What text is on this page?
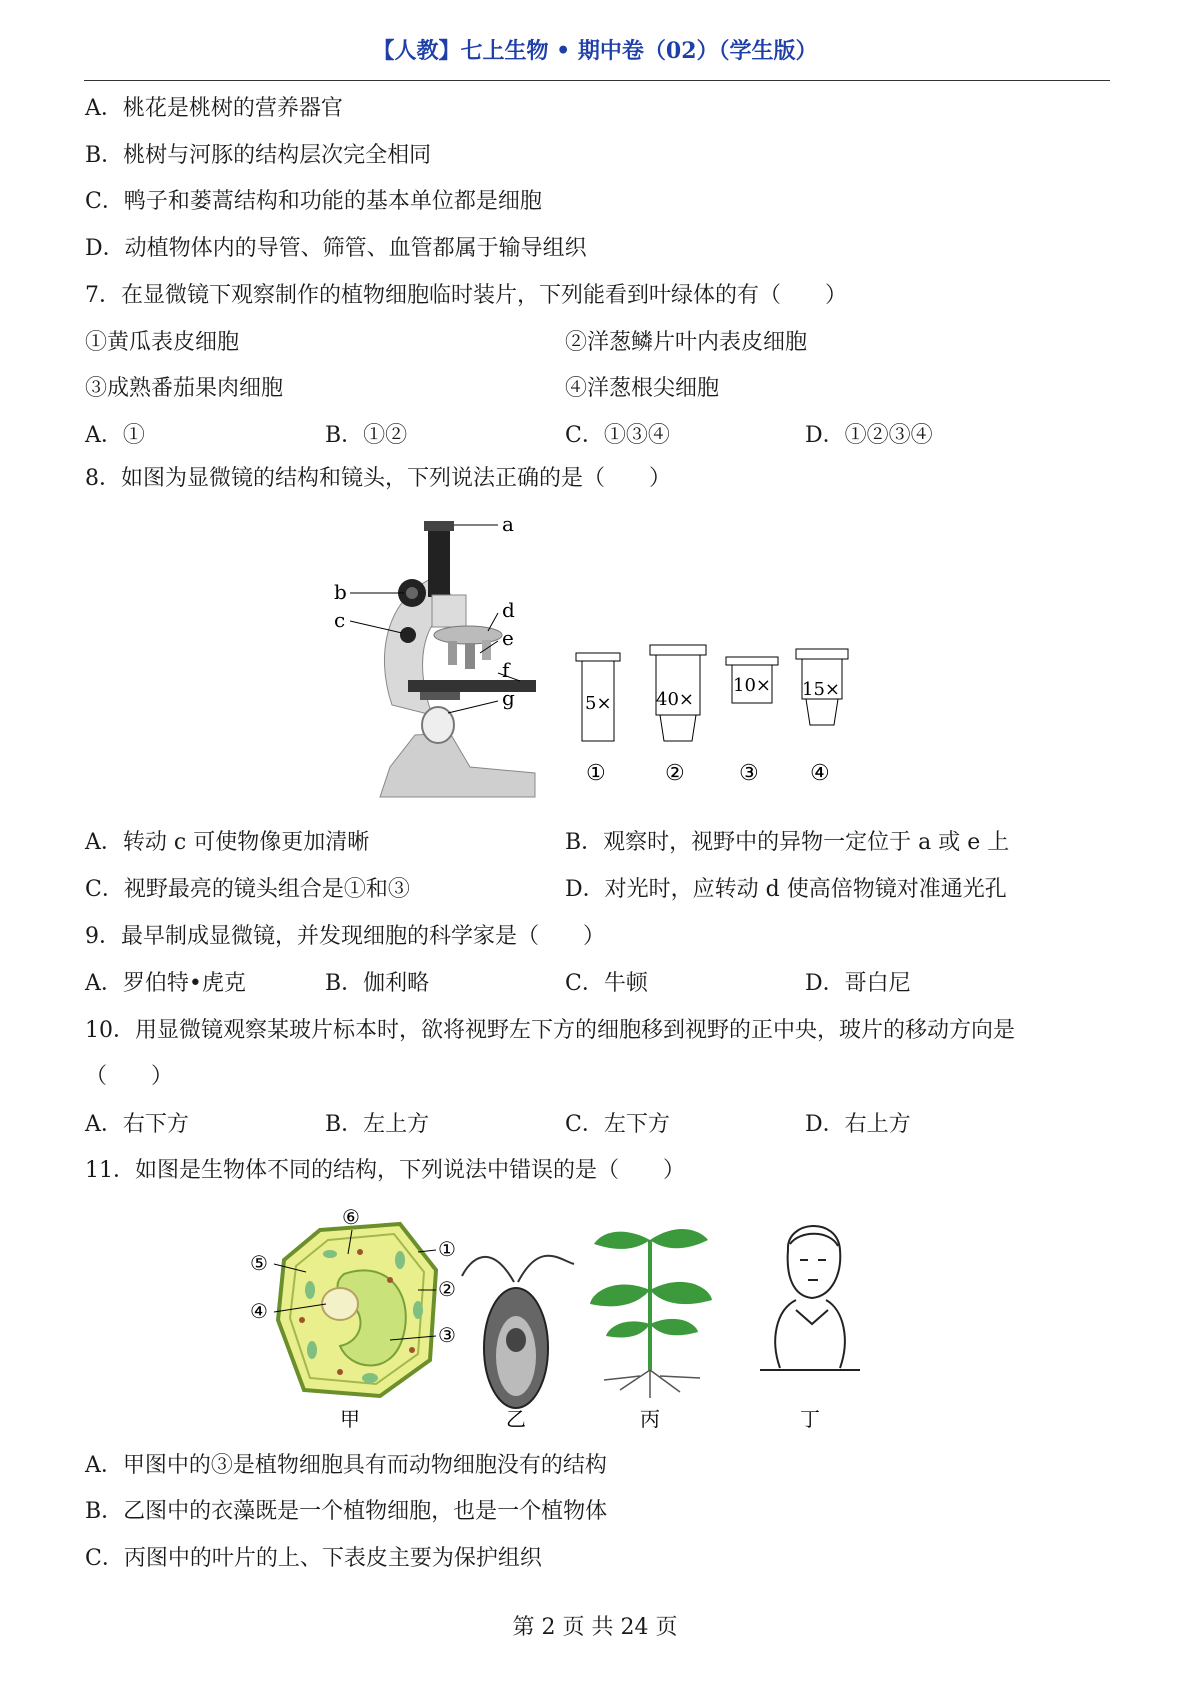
【人教】七上生物 • 期中卷（02）（学生版）
A．桃花是桃树的营养器官
B．桃树与河豚的结构层次完全相同
C．鸭子和蒌蒿结构和功能的基本单位都是细胞
D．动植物体内的导管、筛管、血管都属于输导组织
7．在显微镜下观察制作的植物细胞临时装片，下列能看到叶绿体的有（　　）
①黄瓜表皮细胞	②洋葱鳞片叶内表皮细胞
③成熟番茄果肉细胞	④洋葱根尖细胞
A．①	B．①②	C．①③④	D．①②③④
8．如图为显微镜的结构和镜头，下列说法正确的是（　　）
a
b
c	d
e
f
g	5×
①
40×
②
10×
③
15×
④
A．转动 c 可使物像更加清晰	B．观察时，视野中的异物一定位于 a 或 e 上
C．视野最亮的镜头组合是①和③	D．对光时，应转动 d 使高倍物镜对准通光孔
9．最早制成显微镜，并发现细胞的科学家是（　　）
A．罗伯特•虎克	B．伽利略	C．牛顿	D．哥白尼
10．用显微镜观察某玻片标本时，欲将视野左下方的细胞移到视野的正中央，玻片的移动方向是
（　　）
A．右下方	B．左上方	C．左下方	D．右上方
11．如图是生物体不同的结构，下列说法中错误的是（　　）
⑥
⑤
④
①
②
③
甲	乙	丙	丁
A．甲图中的③是植物细胞具有而动物细胞没有的结构
B．乙图中的衣藻既是一个植物细胞，也是一个植物体
C．丙图中的叶片的上、下表皮主要为保护组织
第 2 页 共 24 页
